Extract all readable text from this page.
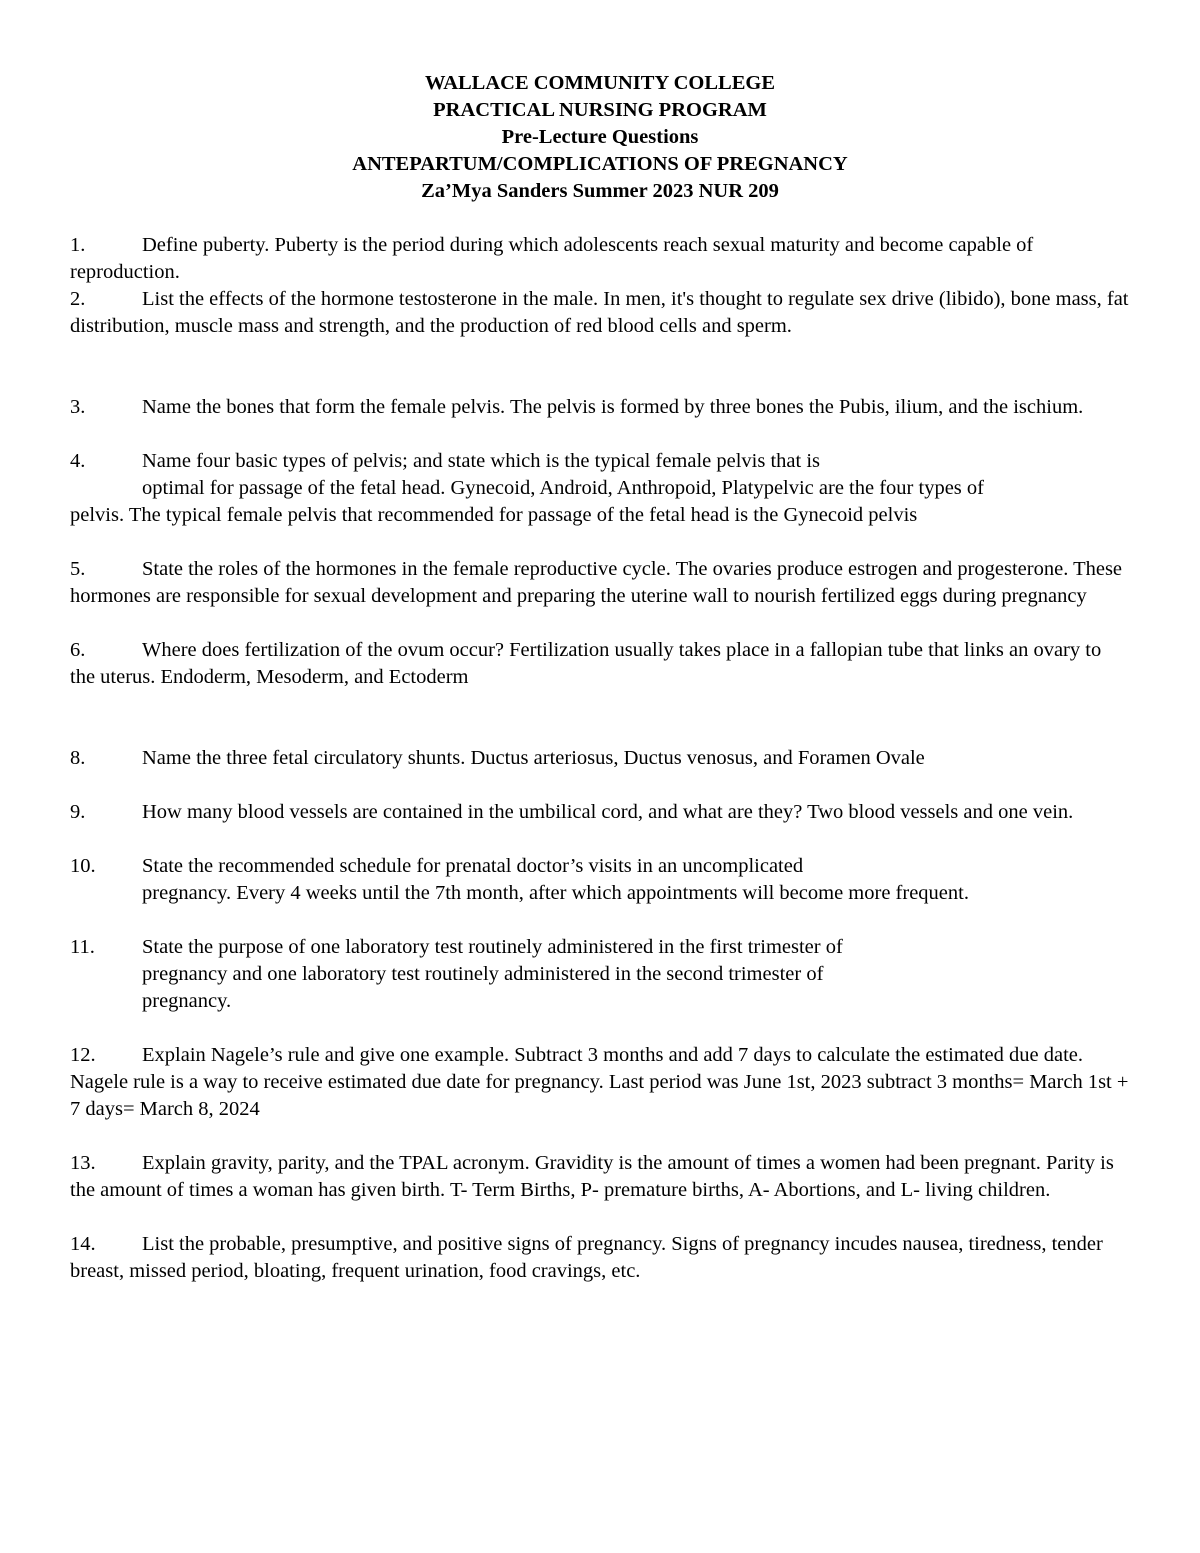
WALLACE COMMUNITY COLLEGE
PRACTICAL NURSING PROGRAM
Pre-Lecture Questions
ANTEPARTUM/COMPLICATIONS OF PREGNANCY
Za’Mya Sanders Summer 2023 NUR 209

1.	Define puberty. Puberty is the period during which adolescents reach sexual maturity and become capable of reproduction.

2.	List the effects of the hormone testosterone in the male. In men, it's thought to regulate sex drive (libido), bone mass, fat distribution, muscle mass and strength, and the production of red blood cells and sperm.

3.	Name the bones that form the female pelvis. The pelvis is formed by three bones the Pubis, ilium, and the ischium.

4.	Name four basic types of pelvis; and state which is the typical female pelvis that is
optimal for passage of the fetal head. Gynecoid, Android, Anthropoid, Platypelvic are the four types of
pelvis. The typical female pelvis that recommended for passage of the fetal head is the Gynecoid pelvis

5.	State the roles of the hormones in the female reproductive cycle. The ovaries produce estrogen and progesterone. These hormones are responsible for sexual development and preparing the uterine wall to nourish fertilized eggs during pregnancy

6.	Where does fertilization of the ovum occur? Fertilization usually takes place in a fallopian tube that links an ovary to the uterus. Endoderm, Mesoderm, and Ectoderm

8.	Name the three fetal circulatory shunts. Ductus arteriosus, Ductus venosus, and Foramen Ovale

9.	How many blood vessels are contained in the umbilical cord, and what are they? Two blood vessels and one vein.

10. State the recommended schedule for prenatal doctor’s visits in an uncomplicated
pregnancy. Every 4 weeks until the 7th month, after which appointments will become more frequent.

11. State the purpose of one laboratory test routinely administered in the first trimester of
pregnancy and one laboratory test routinely administered in the second trimester of
pregnancy.

12. Explain Nagele’s rule and give one example. Subtract 3 months and add 7 days to calculate the estimated due date. Nagele rule is a way to receive estimated due date for pregnancy. Last period was June 1st, 2023 subtract 3 months= March 1st + 7 days= March 8, 2024

13. Explain gravity, parity, and the TPAL acronym. Gravidity is the amount of times a women had been pregnant. Parity is the amount of times a woman has given birth. T- Term Births, P- premature births, A- Abortions, and L- living children.

14. List the probable, presumptive, and positive signs of pregnancy. Signs of pregnancy incudes nausea, tiredness, tender breast, missed period, bloating, frequent urination, food cravings, etc.
